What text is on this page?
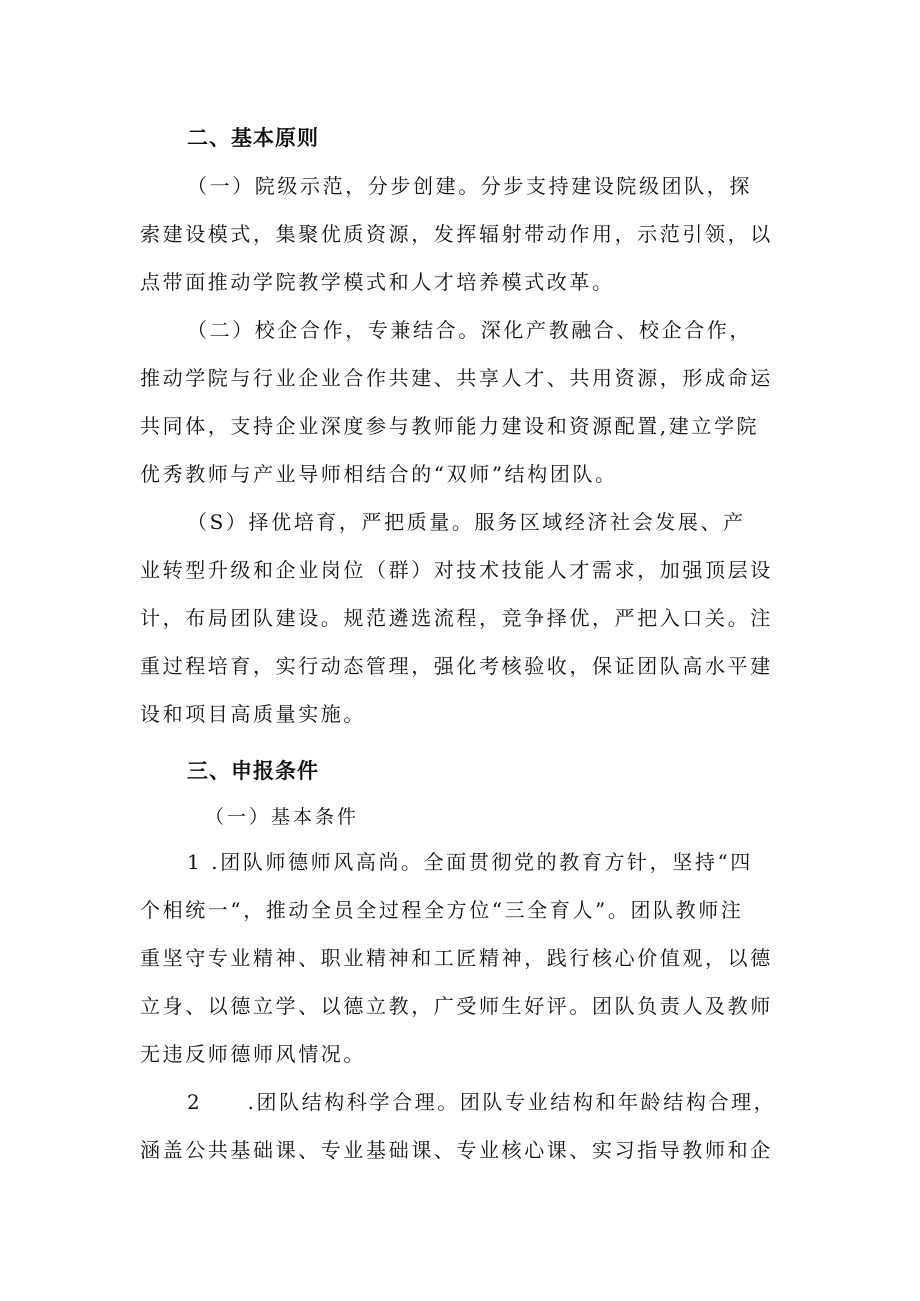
二、基本原则
（一）院级示范，分步创建。分步支持建设院级团队，探
索建设模式，集聚优质资源，发挥辐射带动作用，示范引领，以
点带面推动学院教学模式和人才培养模式改革。
（二）校企合作，专兼结合。深化产教融合、校企合作，
推动学院与行业企业合作共建、共享人才、共用资源，形成命运
共同体，支持企业深度参与教师能力建设和资源配置,建立学院
优秀教师与产业导师相结合的“双师”结构团队。
（S）择优培育，严把质量。服务区域经济社会发展、产
业转型升级和企业岗位（群）对技术技能人才需求，加强顶层设
计，布局团队建设。规范遴选流程，竞争择优，严把入口关。注
重过程培育，实行动态管理，强化考核验收，保证团队高水平建
设和项目高质量实施。
三、申报条件
（一）基本条件
1 .团队师德师风高尚。全面贯彻党的教育方针，坚持“四
个相统一“，推动全员全过程全方位“三全育人”。团队教师注
重坚守专业精神、职业精神和工匠精神，践行核心价值观，以德
立身、以德立学、以德立教，广受师生好评。团队负责人及教师
无违反师德师风情况。
2　　.团队结构科学合理。团队专业结构和年龄结构合理，
涵盖公共基础课、专业基础课、专业核心课、实习指导教师和企
